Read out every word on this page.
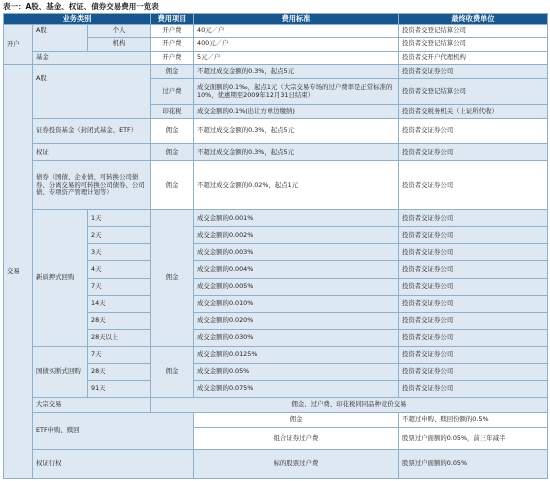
表一：A股、基金、权证、债券交易费用一览表
业务类别			费用项目	费用标准	最终收费单位	
开户	A股	个人	开户费	40元／户	投资者交登记结算公司	
		机构	开户费	400元／户	投资者交登记结算公司	
	基金		开户费	5元／户	投资者交开户代理机构	
交易	A股		佣金	不超过成交金额的0.3%，起点5元	投资者交证券公司	
			过户费	成交面额的0.1‰，起点1元（大宗交易专场的过户费率是正常标准的10%，优惠期至2009年12月31日结束）	投资者交登记结算公司	
			印花税	成交金额的0.1%(出让方单边缴纳)	投资者交税务机关（上证所代收）	
	证券投资基金（封闭式基金、ETF）		佣金	不超过成交金额的0.3%，起点5元	投资者交证券公司	
	权证		佣金	不超过成交金额的0.3%，起点5元	投资者交证券公司	
	债券（国债、企业债、可转换公司债券、分离交易的可转换公司债券、公司债、专项资产管理计划等）		佣金	不超过成交金额的0.02%，起点1元	投资者交证券公司	
	新质押式回购	1天	佣金	成交金额的0.001%	投资者交证券公司	
		2天		成交金额的0.002%	投资者交证券公司	
		3天		成交金额的0.003%	投资者交证券公司	
		4天		成交金额的0.004%	投资者交证券公司	
		7天		成交金额的0.005%	投资者交证券公司	
		14天		成交金额的0.010%	投资者交证券公司	
		28天		成交金额的0.020%	投资者交证券公司	
		28天以上		成交金额的0.030%	投资者交证券公司	
	国债买断式回购	7天	佣金	成交金额的0.0125%	投资者交证券公司	
		28天		成交金额的0.05%	投资者交证券公司	
		91天		成交金额的0.075%	投资者交证券公司	
	大宗交易		佣金、过户费、印花税同同品种竞价交易			
	ETF申购、赎回			佣金	不超过申购、赎回份额的0.5%	
				组合证券过户费	股票过户面额的0.05%，前三年减半	
	权证行权			标的股票过户费	股票过户面额的0.05%	
